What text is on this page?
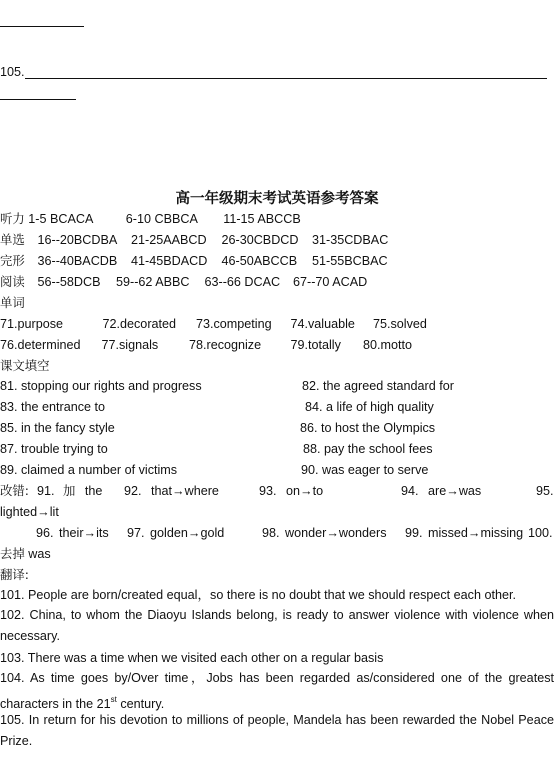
105.
高一年级期末考试英语参考答案
听力 1-5 BCACA	6-10 CBBCA 11-15 ABCCB
单选 16--20BCDBA 21-25AABCD 26-30CBDCD 31-35CDBAC
完形 36--40BACDB 41-45BDACD 46-50ABCCB 51-55BCBAC
阅读 56--58DCB 59--62 ABBC 63--66 DCAC 67--70 ACAD
单词
71.purpose	72.decorated 73.competing 74.valuable 75.solved
76.determined 77.signals 78.recognize 79.totally 80.motto
课文填空
81. stopping our rights and progress	82. the agreed standard for
83. the entrance to	84. a life of high quality
85. in the fancy style	86. to host the Olympics
87. trouble trying to	88. pay the school fees
89. claimed a number of victims	90. was eager to serve
改错: 91. 加 the 92. that→where	93. on→to	94. are→was	95.
lighted→lit
96. their→its 97. golden→gold	98. wonder→wonders 99. missed→missing 100.
去掉 was
翻译:
101. People are born/created equal，so there is no doubt that we should respect each other.
102. China, to whom the Diaoyu Islands belong, is ready to answer violence with violence when necessary.
103. There was a time when we visited each other on a regular basis
104. As time goes by/Over time，Jobs has been regarded as/considered one of the greatest characters in the 21st century.
105. In return for his devotion to millions of people, Mandela has been rewarded the Nobel Peace Prize.
